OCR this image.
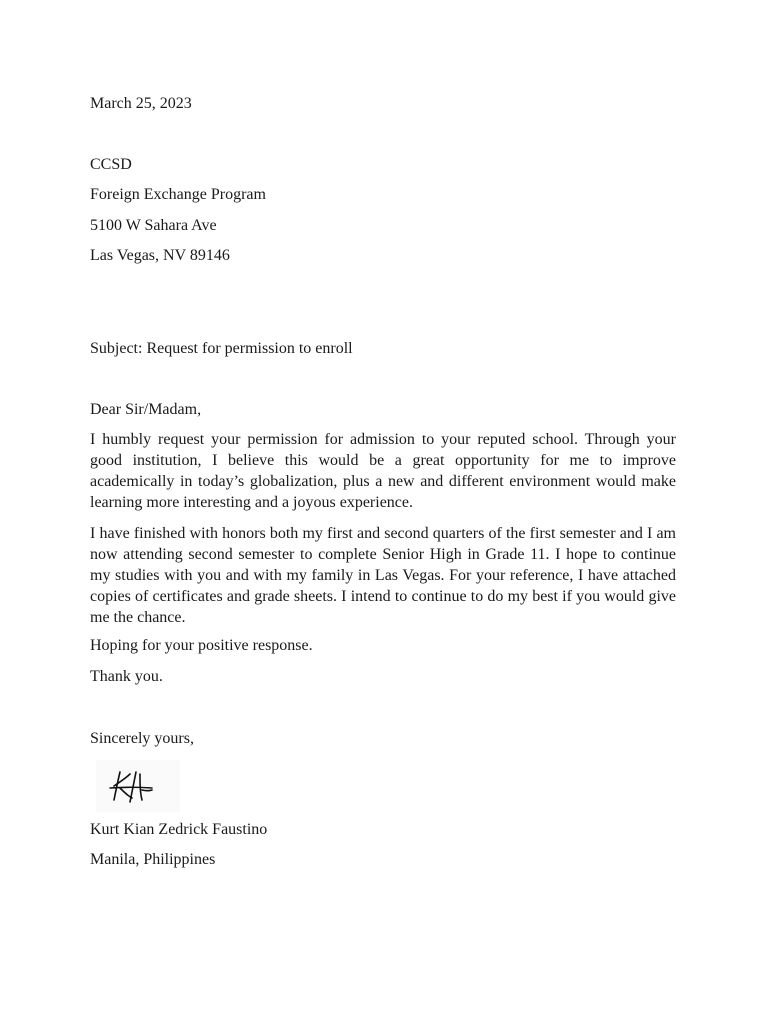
March 25, 2023
CCSD
Foreign Exchange Program
5100 W Sahara Ave
Las Vegas, NV 89146
Subject: Request for permission to enroll
Dear Sir/Madam,
I humbly request your permission for admission to your reputed school. Through your good institution, I believe this would be a great opportunity for me to improve academically in today’s globalization, plus a new and different environment would make learning more interesting and a joyous experience.
I have finished with honors both my first and second quarters of the first semester and I am now attending second semester to complete Senior High in Grade 11. I hope to continue my studies with you and with my family in Las Vegas. For your reference, I have attached copies of certificates and grade sheets. I intend to continue to do my best if you would give me the chance.
Hoping for your positive response.
Thank you.
Sincerely yours,
Kurt Kian Zedrick Faustino
Manila, Philippines
